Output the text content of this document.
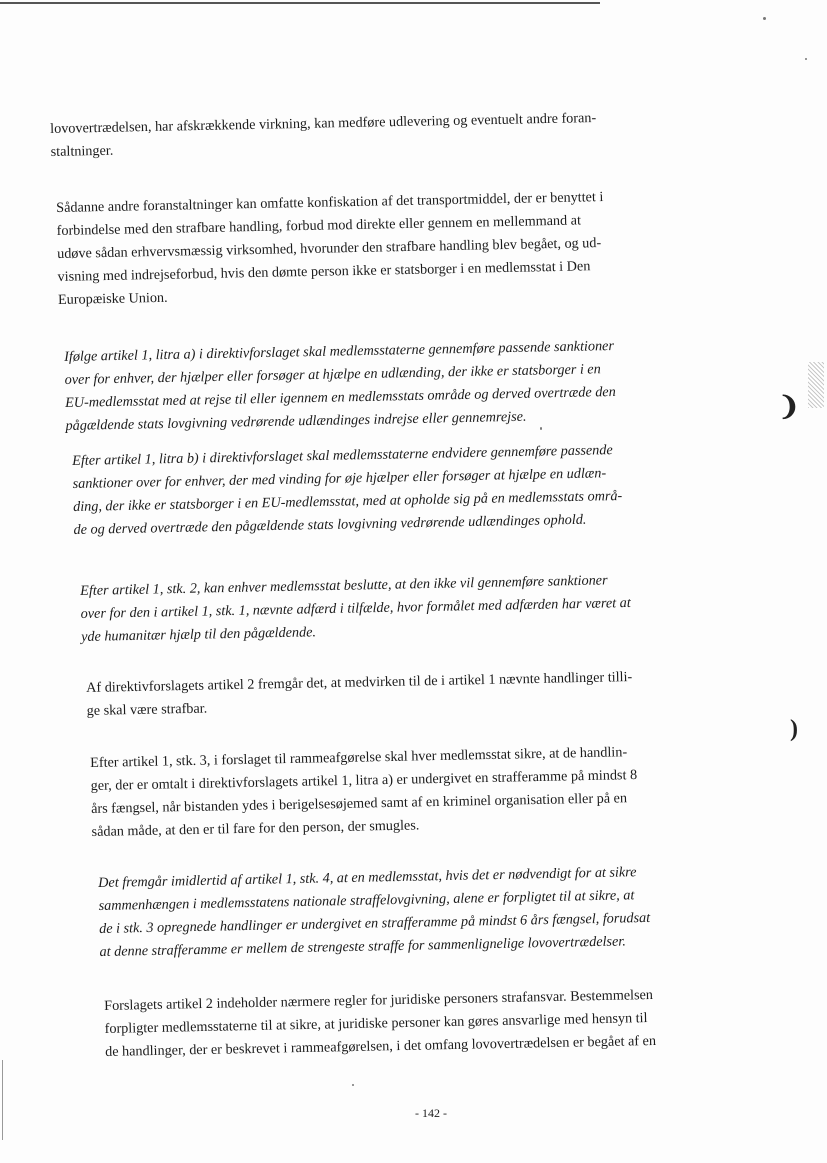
lovovertrædelsen, har afskrækkende virkning, kan medføre udlevering og eventuelt andre foran-
staltninger.
Sådanne andre foranstaltninger kan omfatte konfiskation af det transportmiddel, der er benyttet i
forbindelse med den strafbare handling, forbud mod direkte eller gennem en mellemmand at
udøve sådan erhvervsmæssig virksomhed, hvorunder den strafbare handling blev begået, og ud-
visning med indrejseforbud, hvis den dømte person ikke er statsborger i en medlemsstat i Den
Europæiske Union.
Ifølge artikel 1, litra a) i direktivforslaget skal medlemsstaterne gennemføre passende sanktioner
over for enhver, der hjælper eller forsøger at hjælpe en udlænding, der ikke er statsborger i en
EU-medlemsstat med at rejse til eller igennem en medlemsstats område og derved overtræde den
pågældende stats lovgivning vedrørende udlændinges indrejse eller gennemrejse.
Efter artikel 1, litra b) i direktivforslaget skal medlemsstaterne endvidere gennemføre passende
sanktioner over for enhver, der med vinding for øje hjælper eller forsøger at hjælpe en udlæn-
ding, der ikke er statsborger i en EU-medlemsstat, med at opholde sig på en medlemsstats områ-
de og derved overtræde den pågældende stats lovgivning vedrørende udlændinges ophold.
Efter artikel 1, stk. 2, kan enhver medlemsstat beslutte, at den ikke vil gennemføre sanktioner
over for den i artikel 1, stk. 1, nævnte adfærd i tilfælde, hvor formålet med adfærden har været at
yde humanitær hjælp til den pågældende.
Af direktivforslagets artikel 2 fremgår det, at medvirken til de i artikel 1 nævnte handlinger tilli-
ge skal være strafbar.
Efter artikel 1, stk. 3, i forslaget til rammeafgørelse skal hver medlemsstat sikre, at de handlin-
ger, der er omtalt i direktivforslagets artikel 1, litra a) er undergivet en strafferamme på mindst 8
års fængsel, når bistanden ydes i berigelsesøjemed samt af en kriminel organisation eller på en
sådan måde, at den er til fare for den person, der smugles.
Det fremgår imidlertid af artikel 1, stk. 4, at en medlemsstat, hvis det er nødvendigt for at sikre
sammenhængen i medlemsstatens nationale straffelovgivning, alene er forpligtet til at sikre, at
de i stk. 3 opregnede handlinger er undergivet en strafferamme på mindst 6 års fængsel, forudsat
at denne strafferamme er mellem de strengeste straffe for sammenlignelige lovovertrædelser.
Forslagets artikel 2 indeholder nærmere regler for juridiske personers strafansvar. Bestemmelsen
forpligter medlemsstaterne til at sikre, at juridiske personer kan gøres ansvarlige med hensyn til
de handlinger, der er beskrevet i rammeafgørelsen, i det omfang lovovertrædelsen er begået af en
- 142 -
❩
)
